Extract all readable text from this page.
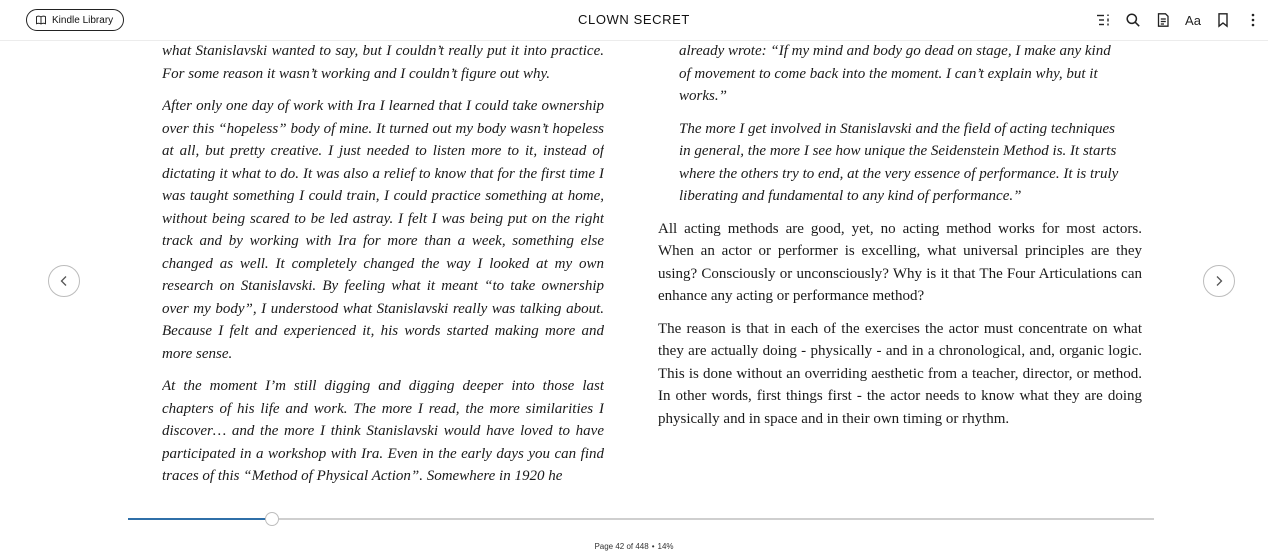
Kindle Library	CLOWN SECRET	Aa

what Stanislavski wanted to say, but I couldn’t really put it into practice. For some reason it wasn’t working and I couldn’t figure out why.

After only one day of work with Ira I learned that I could take ownership over this “hopeless” body of mine. It turned out my body wasn’t hopeless at all, but pretty creative. I just needed to listen more to it, instead of dictating it what to do. It was also a relief to know that for the first time I was taught something I could train, I could practice something at home, without being scared to be led astray. I felt I was being put on the right track and by working with Ira for more than a week, something else changed as well. It completely changed the way I looked at my own research on Stanislavski. By feeling what it meant “to take ownership over my body”, I understood what Stanislavski really was talking about. Because I felt and experienced it, his words started making more and more sense.

At the moment I’m still digging and digging deeper into those last chapters of his life and work. The more I read, the more similarities I discover… and the more I think Stanislavski would have loved to have participated in a workshop with Ira. Even in the early days you can find traces of this “Method of Physical Action”. Somewhere in 1920 he

already wrote: “If my mind and body go dead on stage, I make any kind of movement to come back into the moment. I can’t explain why, but it works.”

The more I get involved in Stanislavski and the field of acting techniques in general, the more I see how unique the Seidenstein Method is. It starts where the others try to end, at the very essence of performance. It is truly liberating and fundamental to any kind of performance.”

All acting methods are good, yet, no acting method works for most actors. When an actor or performer is excelling, what universal principles are they using? Consciously or unconsciously? Why is it that The Four Articulations can enhance any acting or performance method?

The reason is that in each of the exercises the actor must concentrate on what they are actually doing - physically - and in a chronological, and, organic logic. This is done without an overriding aesthetic from a teacher, director, or method. In other words, first things first - the actor needs to know what they are doing physically and in space and in their own timing or rhythm.

Page 42 of 448 • 14%
